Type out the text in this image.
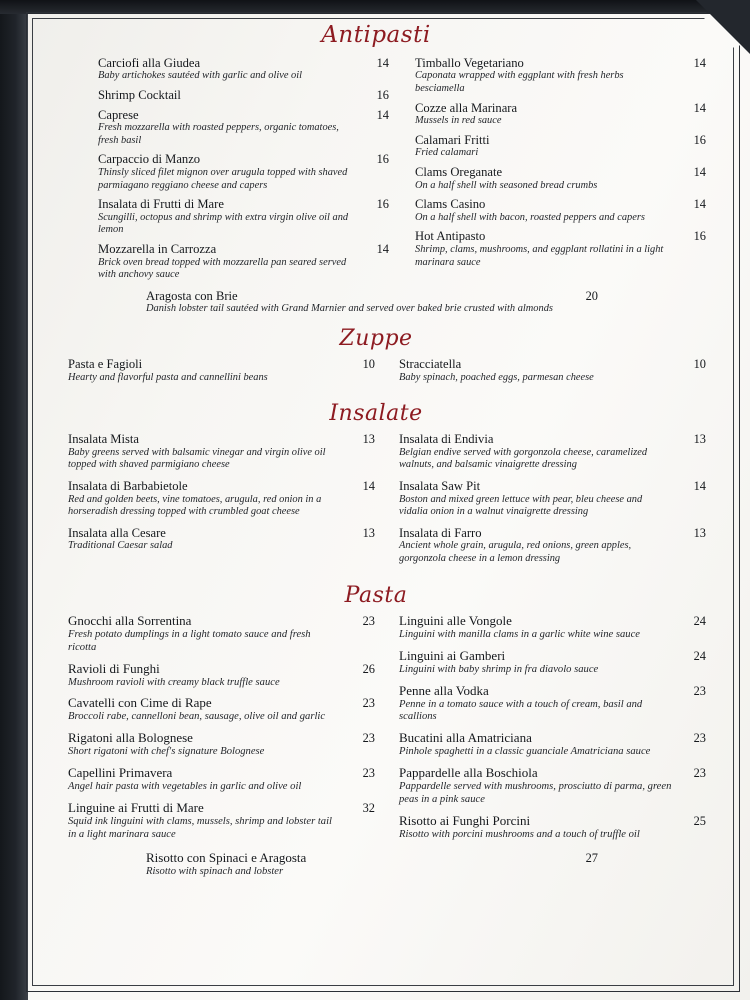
Antipasti
Carciofi alla Giudea
Baby artichokes sautéed with garlic and olive oil
14
Shrimp Cocktail	16
Caprese
Fresh mozzarella with roasted peppers, organic tomatoes, fresh basil
14
Carpaccio di Manzo
Thinsly sliced filet mignon over arugula topped with shaved parmiagano reggiano cheese and capers
16
Insalata di Frutti di Mare
Scungilli, octopus and shrimp with extra virgin olive oil and lemon
16
Mozzarella in Carrozza
Brick oven bread topped with mozzarella pan seared served with anchovy sauce
14
Timballo Vegetariano
Caponata wrapped with eggplant with fresh herbs besciamella
14
Cozze alla Marinara
Mussels in red sauce
14
Calamari Fritti
Fried calamari
16
Clams Oreganate
On a half shell with seasoned bread crumbs
14
Clams Casino
On a half shell with bacon, roasted peppers and capers
14
Hot Antipasto
Shrimp, clams, mushrooms, and eggplant rollatini in a light marinara sauce
16
Aragosta con Brie
Danish lobster tail sautéed with Grand Marnier and served over baked brie crusted with almonds
20
Zuppe
Pasta e Fagioli
Hearty and flavorful pasta and cannellini beans
10 Stracciatella
Baby spinach, poached eggs, parmesan cheese
10
Insalate
Insalata Mista
Baby greens served with balsamic vinegar and virgin olive oil topped with shaved parmigiano cheese
13
Insalata di Barbabietole
Red and golden beets, vine tomatoes, arugula, red onion in a horseradish dressing topped with crumbled goat cheese
14
Insalata alla Cesare
Traditional Caesar salad
13
Insalata di Endivia
Belgian endive served with gorgonzola cheese, caramelized walnuts, and balsamic vinaigrette dressing
13
Insalata Saw Pit
Boston and mixed green lettuce with pear, bleu cheese and vidalia onion in a walnut vinaigrette dressing
14
Insalata di Farro
Ancient whole grain, arugula, red onions, green apples, gorgonzola cheese in a lemon dressing
13
Pasta
Gnocchi alla Sorrentina
Fresh potato dumplings in a light tomato sauce and fresh ricotta
23
Ravioli di Funghi
Mushroom ravioli with creamy black truffle sauce
26
Cavatelli con Cime di Rape
Broccoli rabe, cannelloni bean, sausage, olive oil and garlic
23
Rigatoni alla Bolognese
Short rigatoni with chef's signature Bolognese
23
Capellini Primavera
Angel hair pasta with vegetables in garlic and olive oil
23
Linguine ai Frutti di Mare
Squid ink linguini with clams, mussels, shrimp and lobster tail in a light marinara sauce
32
Linguini alle Vongole
Linguini with manilla clams in a garlic white wine sauce
24
Linguini ai Gamberi
Linguini with baby shrimp in fra diavolo sauce
24
Penne alla Vodka
Penne in a tomato sauce with a touch of cream, basil and scallions
23
Bucatini alla Amatriciana
Pinhole spaghetti in a classic guanciale Amatriciana sauce
23
Pappardelle alla Boschiola
Pappardelle served with mushrooms, prosciutto di parma, green peas in a pink sauce
23
Risotto ai Funghi Porcini
Risotto with porcini mushrooms and a touch of truffle oil
25
Risotto con Spinaci e Aragosta
Risotto with spinach and lobster
27
